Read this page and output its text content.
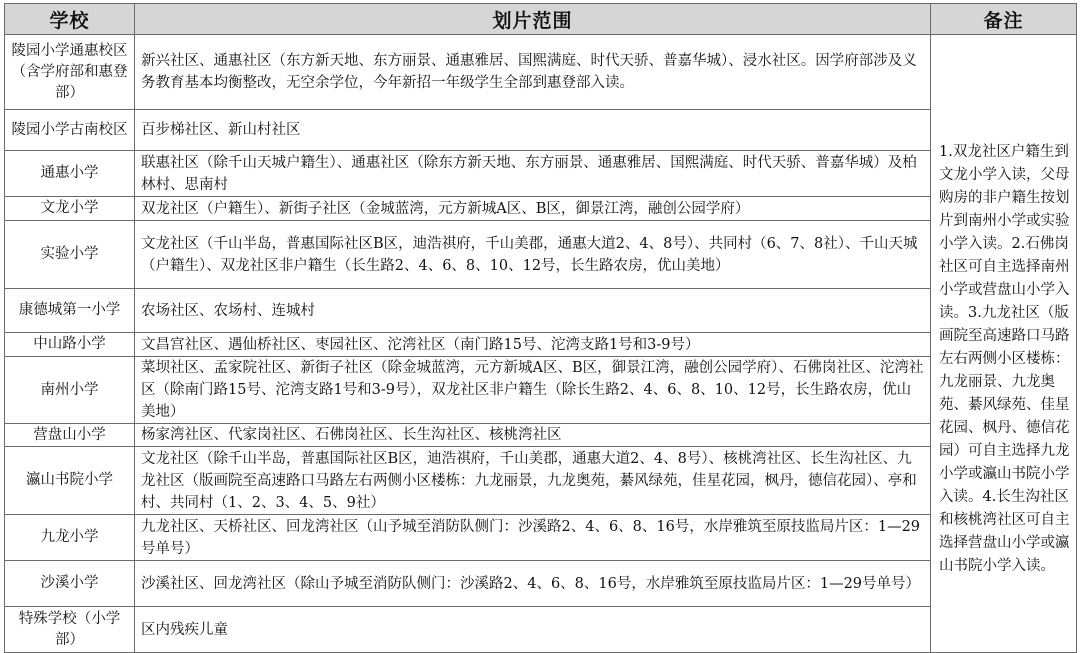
学校	划片范围	备注
陵园小学通惠校区（含学府部和惠登部）	新兴社区、通惠社区（东方新天地、东方丽景、通惠雅居、国熙满庭、时代天骄、普嘉华城）、浸水社区。因学府部涉及义务教育基本均衡整改，无空余学位，今年新招一年级学生全部到惠登部入读。	1.双龙社区户籍生到文龙小学入读，父母购房的非户籍生按划片到南州小学或实验小学入读。2.石佛岗社区可自主选择南州小学或营盘山小学入读。3.九龙社区（版画院至高速路口马路左右两侧小区楼栋：九龙丽景、九龙奥苑、綦风绿苑、佳星花园、枫丹、德信花园）可自主选择九龙小学或瀛山书院小学入读。4.长生沟社区和核桃湾社区可自主选择营盘山小学或瀛山书院小学入读。
陵园小学古南校区	百步梯社区、新山村社区	
通惠小学	联惠社区（除千山天城户籍生）、通惠社区（除东方新天地、东方丽景、通惠雅居、国熙满庭、时代天骄、普嘉华城）及柏林村、思南村	
文龙小学	双龙社区（户籍生）、新街子社区（金城蓝湾，元方新城A区、B区，御景江湾，融创公园学府）	
实验小学	文龙社区（千山半岛，普惠国际社区B区，迪浩祺府，千山美郡，通惠大道2、4、8号）、共同村（6、7、8社）、千山天城（户籍生）、双龙社区非户籍生（长生路2、4、6、8、10、12号，长生路农房，优山美地）	
康德城第一小学	农场社区、农场村、连城村	
中山路小学	文昌宫社区、遇仙桥社区、枣园社区、沱湾社区（南门路15号、沱湾支路1号和3-9号）	
南州小学	菜坝社区、孟家院社区、新街子社区（除金城蓝湾，元方新城A区、B区，御景江湾，融创公园学府）、石佛岗社区、沱湾社区（除南门路15号、沱湾支路1号和3-9号），双龙社区非户籍生（除长生路2、4、6、8、10、12号，长生路农房，优山美地）	
营盘山小学	杨家湾社区、代家岗社区、石佛岗社区、长生沟社区、核桃湾社区	
瀛山书院小学	文龙社区（除千山半岛，普惠国际社区B区，迪浩祺府，千山美郡，通惠大道2、4、8号）、核桃湾社区、长生沟社区、九龙社区（版画院至高速路口马路左右两侧小区楼栋：九龙丽景，九龙奥苑，綦风绿苑，佳星花园，枫丹，德信花园）、亭和村、共同村（1、2、3、4、5、9社）	
九龙小学	九龙社区、天桥社区、回龙湾社区（山予城至消防队侧门：沙溪路2、4、6、8、16号，水岸雅筑至原技监局片区：1—29号单号）	
沙溪小学	沙溪社区、回龙湾社区（除山予城至消防队侧门：沙溪路2、4、6、8、16号，水岸雅筑至原技监局片区：1—29号单号）	
特殊学校（小学部）	区内残疾儿童	
